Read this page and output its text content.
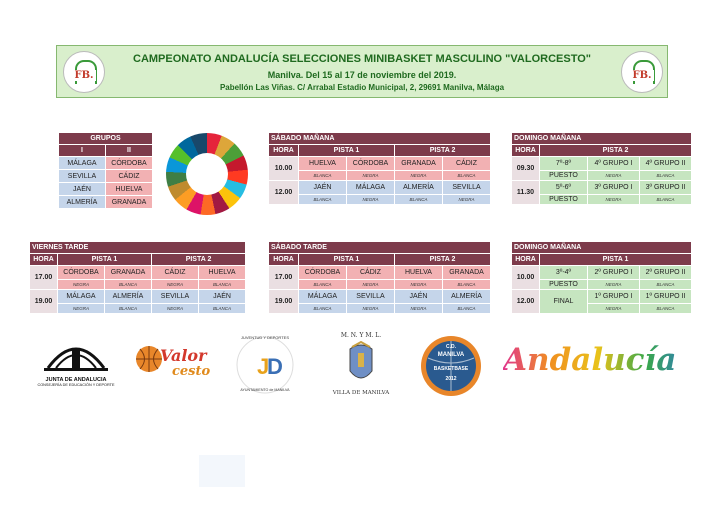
FB.
CAMPEONATO ANDALUCÍA SELECCIONES MINIBASKET MASCULINO "VALORCESTO"
Manilva. Del 15 al 17 de noviembre del 2019.
Pabellón Las Viñas. C/ Arrabal Estadio Municipal, 2, 29691 Manilva, Málaga
FB.
GRUPOS	
I	II
MÁLAGA	CÓRDOBA
SEVILLA	CÁDIZ
JAÉN	HUELVA
ALMERÍA	GRANADA
SÁBADO MAÑANA				
HORA	PISTA 1		PISTA 2	
10.00	HUELVA	CÓRDOBA	GRANADA	CÁDIZ
	BLANCA	NEGRA	NEGRA	BLANCA
12.00	JAÉN	MÁLAGA	ALMERÍA	SEVILLA
	BLANCA	NEGRA	BLANCA	NEGRA
DOMINGO MAÑANA			
HORA	PISTA 2		
09.30	7º-8º	4º GRUPO I	4º GRUPO II
	PUESTO	NEGRA	BLANCA
11.30	5º-6º	3º GRUPO I	3º GRUPO II
	PUESTO	NEGRA	BLANCA
VIERNES TARDE				
HORA	PISTA 1		PISTA 2	
17.00	CÓRDOBA	GRANADA	CÁDIZ	HUELVA
	NEGRA	BLANCA	NEGRA	BLANCA
19.00	MÁLAGA	ALMERÍA	SEVILLA	JAÉN
	NEGRA	BLANCA	NEGRA	BLANCA
SÁBADO TARDE				
HORA	PISTA 1		PISTA 2	
17.00	CÓRDOBA	CÁDIZ	HUELVA	GRANADA
	BLANCA	NEGRA	NEGRA	BLANCA
19.00	MÁLAGA	SEVILLA	JAÉN	ALMERÍA
	BLANCA	NEGRA	NEGRA	BLANCA
DOMINGO MAÑANA			
HORA	PISTA 1		
10.00	3º-4º	2º GRUPO I	2º GRUPO II
	PUESTO	NEGRA	BLANCA
12.00	FINAL	1º GRUPO I	1º GRUPO II
		NEGRA	BLANCA
JUNTA DE ANDALUCIA
CONSEJERÍA DE EDUCACIÓN Y DEPORTE
Valor
cesto J
D
JUVENTUD Y DEPORTES
AYUNTAMIENTO de MANILVA
M. N. Y M. L.
VILLA DE MANILVA
C.D.
MANILVA
BASKETBASE
2012
Andalucía
